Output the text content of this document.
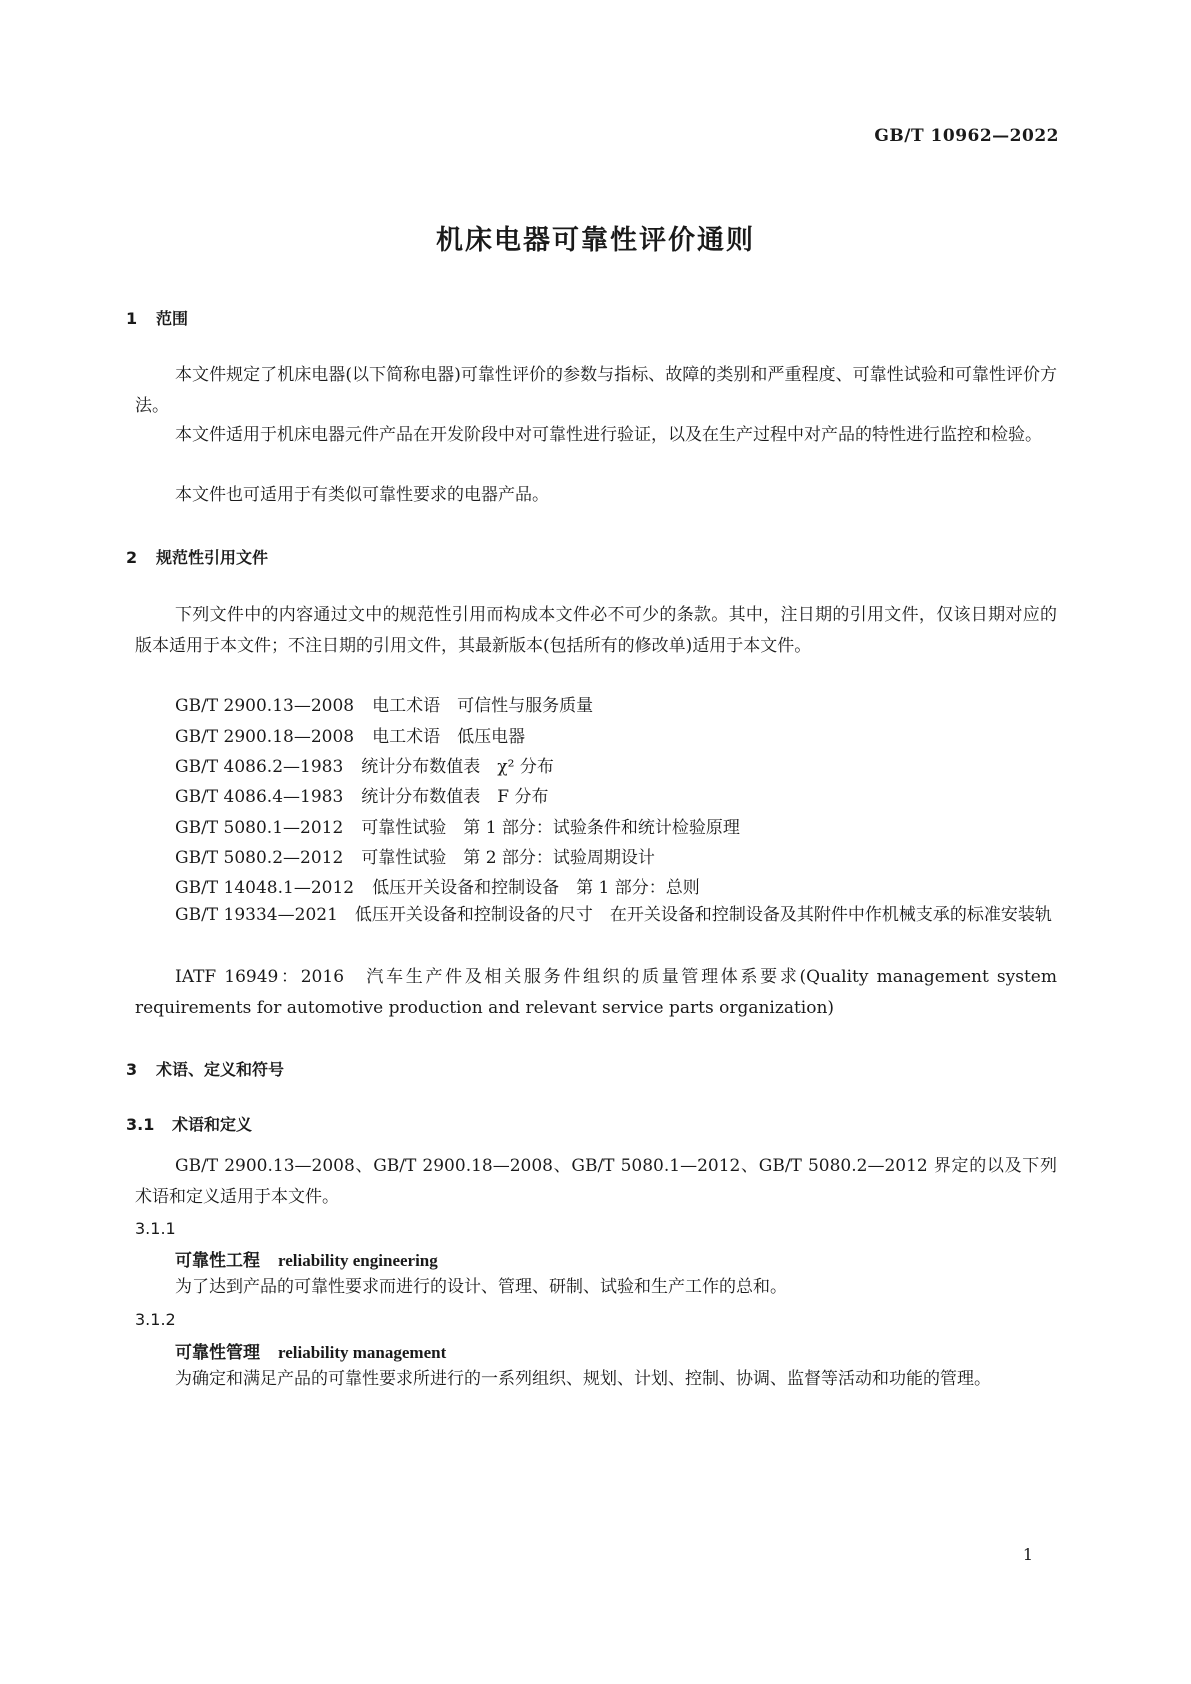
GB/T 10962—2022
机床电器可靠性评价通则
1 范围
本文件规定了机床电器(以下简称电器)可靠性评价的参数与指标、故障的类别和严重程度、可靠性试验和可靠性评价方法。
本文件适用于机床电器元件产品在开发阶段中对可靠性进行验证，以及在生产过程中对产品的特性进行监控和检验。
本文件也可适用于有类似可靠性要求的电器产品。
2 规范性引用文件
下列文件中的内容通过文中的规范性引用而构成本文件必不可少的条款。其中，注日期的引用文件，仅该日期对应的版本适用于本文件；不注日期的引用文件，其最新版本(包括所有的修改单)适用于本文件。
GB/T 2900.13—2008 电工术语　可信性与服务质量
GB/T 2900.18—2008 电工术语　低压电器
GB/T 4086.2—1983 统计分布数值表　χ² 分布
GB/T 4086.4—1983 统计分布数值表　F 分布
GB/T 5080.1—2012 可靠性试验　第 1 部分：试验条件和统计检验原理
GB/T 5080.2—2012 可靠性试验　第 2 部分：试验周期设计
GB/T 14048.1—2012 低压开关设备和控制设备　第 1 部分：总则
GB/T 19334—2021　低压开关设备和控制设备的尺寸　在开关设备和控制设备及其附件中作机械支承的标准安装轨
IATF 16949：2016　汽车生产件及相关服务件组织的质量管理体系要求(Quality management system requirements for automotive production and relevant service parts organization)
3 术语、定义和符号
3.1 术语和定义
GB/T 2900.13—2008、GB/T 2900.18—2008、GB/T 5080.1—2012、GB/T 5080.2—2012 界定的以及下列术语和定义适用于本文件。
3.1.1
可靠性工程 reliability engineering
为了达到产品的可靠性要求而进行的设计、管理、研制、试验和生产工作的总和。
3.1.2
可靠性管理 reliability management
为确定和满足产品的可靠性要求所进行的一系列组织、规划、计划、控制、协调、监督等活动和功能的管理。
1
